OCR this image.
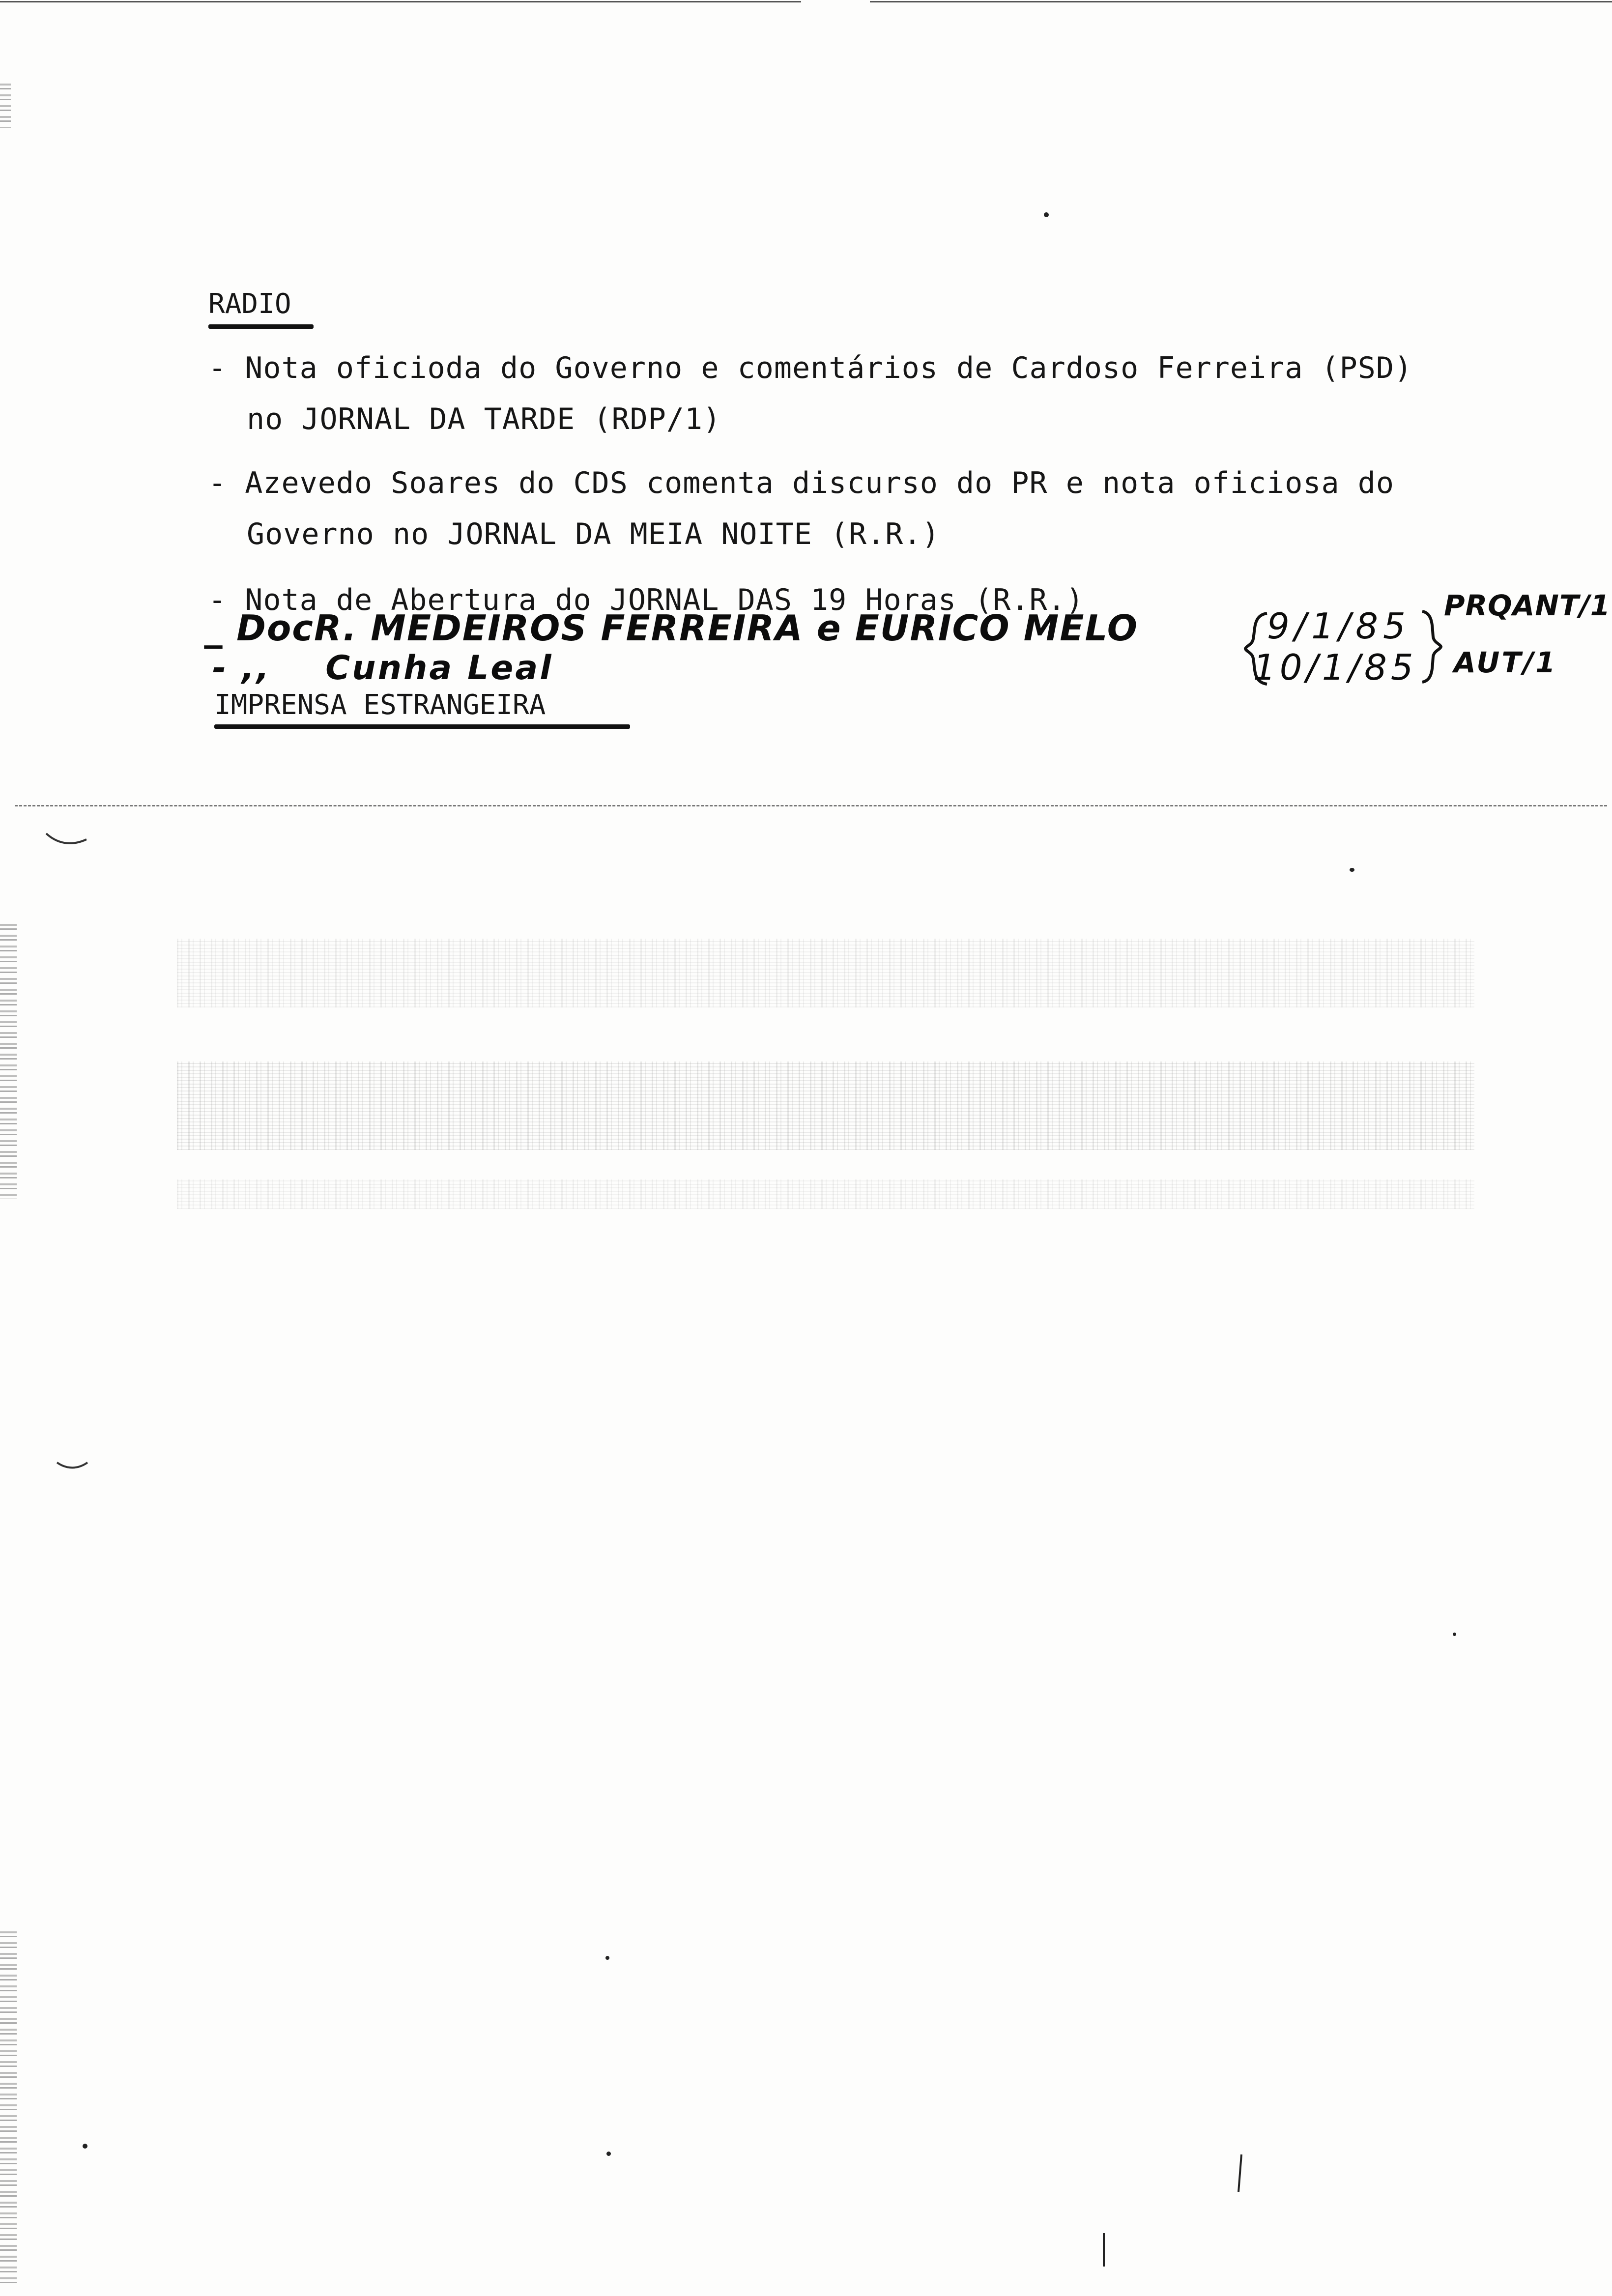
RADIO
- Nota oficioda do Governo e comentários de Cardoso Ferreira (PSD)
no JORNAL DA TARDE (RDP/1)
- Azevedo Soares do CDS comenta discurso do PR e nota oficiosa do
Governo no JORNAL DA MEIA NOITE (R.R.)
- Nota de Abertura do JORNAL DAS 19 Horas (R.R.)
_ DocR. MEDEIROS FERREIRA e EURICO MELO
- ,,    Cunha Leal
9/1/85
10/1/85
PRQANT/1
AUT/1
IMPRENSA ESTRANGEIRA
